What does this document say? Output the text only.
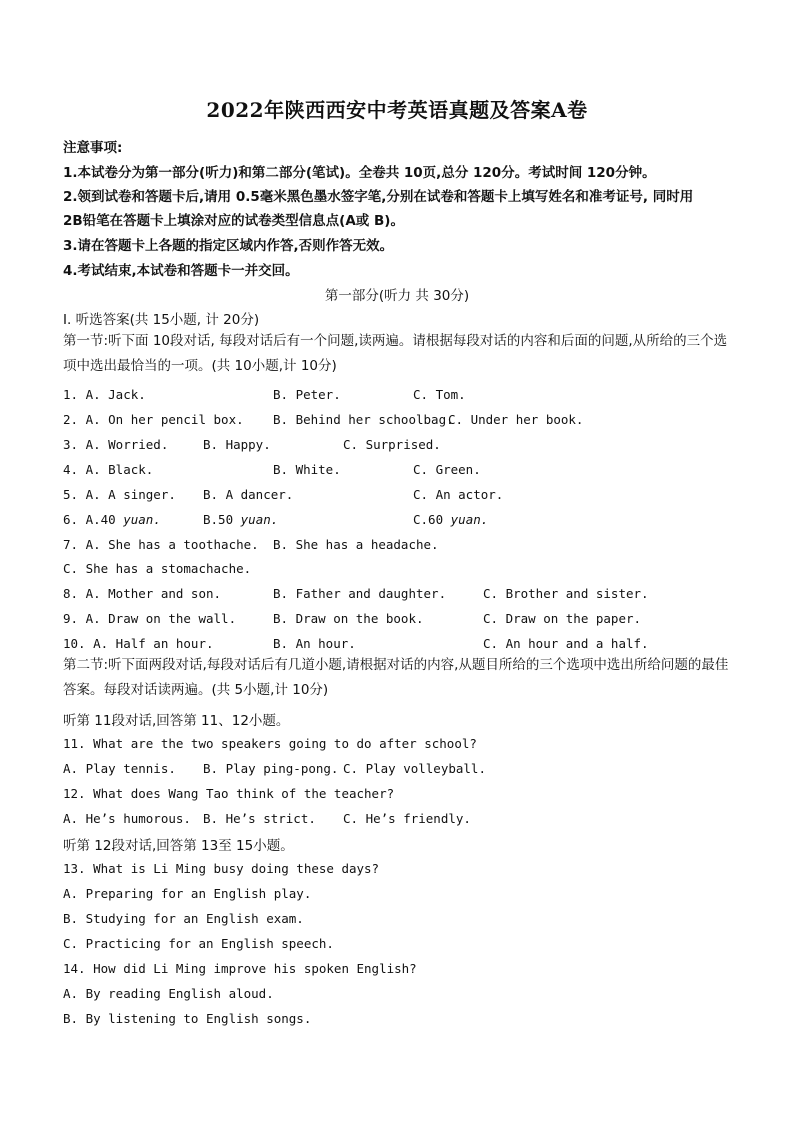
2022年陕西西安中考英语真题及答案A卷
注意事项:
1.本试卷分为第一部分(听力)和第二部分(笔试)。全卷共 10页,总分 120分。考试时间 120分钟。
2.领到试卷和答题卡后,请用 0.5毫米黑色墨水签字笔,分别在试卷和答题卡上填写姓名和准考证号, 同时用
2B铅笔在答题卡上填涂对应的试卷类型信息点(A或 B)。
3.请在答题卡上各题的指定区域内作答,否则作答无效。
4.考试结束,本试卷和答题卡一并交回。
第一部分(听力 共 30分)
I. 听选答案(共 15小题, 计 20分)
第一节:听下面 10段对话, 每段对话后有一个问题,读两遍。请根据每段对话的内容和后面的问题,从所给的三个选项中选出最恰当的一项。(共 10小题,计 10分)
1. A. Jack.	B. Peter.	C. Tom.
2. A. On her pencil box. B. Behind her schoolbag.
C. Under her book.
3. A. Worried.	B. Happy.	C. Surprised.
4. A. Black.	B. White.	C. Green.
5. A. A singer. B. A dancer.	C. An actor.
6. A.40 yuan.	B.50 yuan.	C.60 yuan.
7. A. She has a toothache. B. She has a headache.
C. She has a stomachache.
8. A. Mother and son.	B. Father and daughter.	C. Brother and sister.
9. A. Draw on the wall.	B. Draw on the book.	C. Draw on the paper.
10. A. Half an hour.	B. An hour.	C. An hour and a half.
第二节:听下面两段对话,每段对话后有几道小题,请根据对话的内容,从题目所给的三个选项中选出所给问题的最佳答案。每段对话读两遍。(共 5小题,计 10分)
听第 11段对话,回答第 11、12小题。
11. What are the two speakers going to do after school?
A. Play tennis. B. Play ping-pong. C. Play volleyball.
12. What does Wang Tao think of the teacher?
A. He’s humorous. B. He’s strict. C. He’s friendly.
听第 12段对话,回答第 13至 15小题。
13. What is Li Ming busy doing these days?
A. Preparing for an English play.
B. Studying for an English exam.
C. Practicing for an English speech.
14. How did Li Ming improve his spoken English?
A. By reading English aloud.
B. By listening to English songs.
